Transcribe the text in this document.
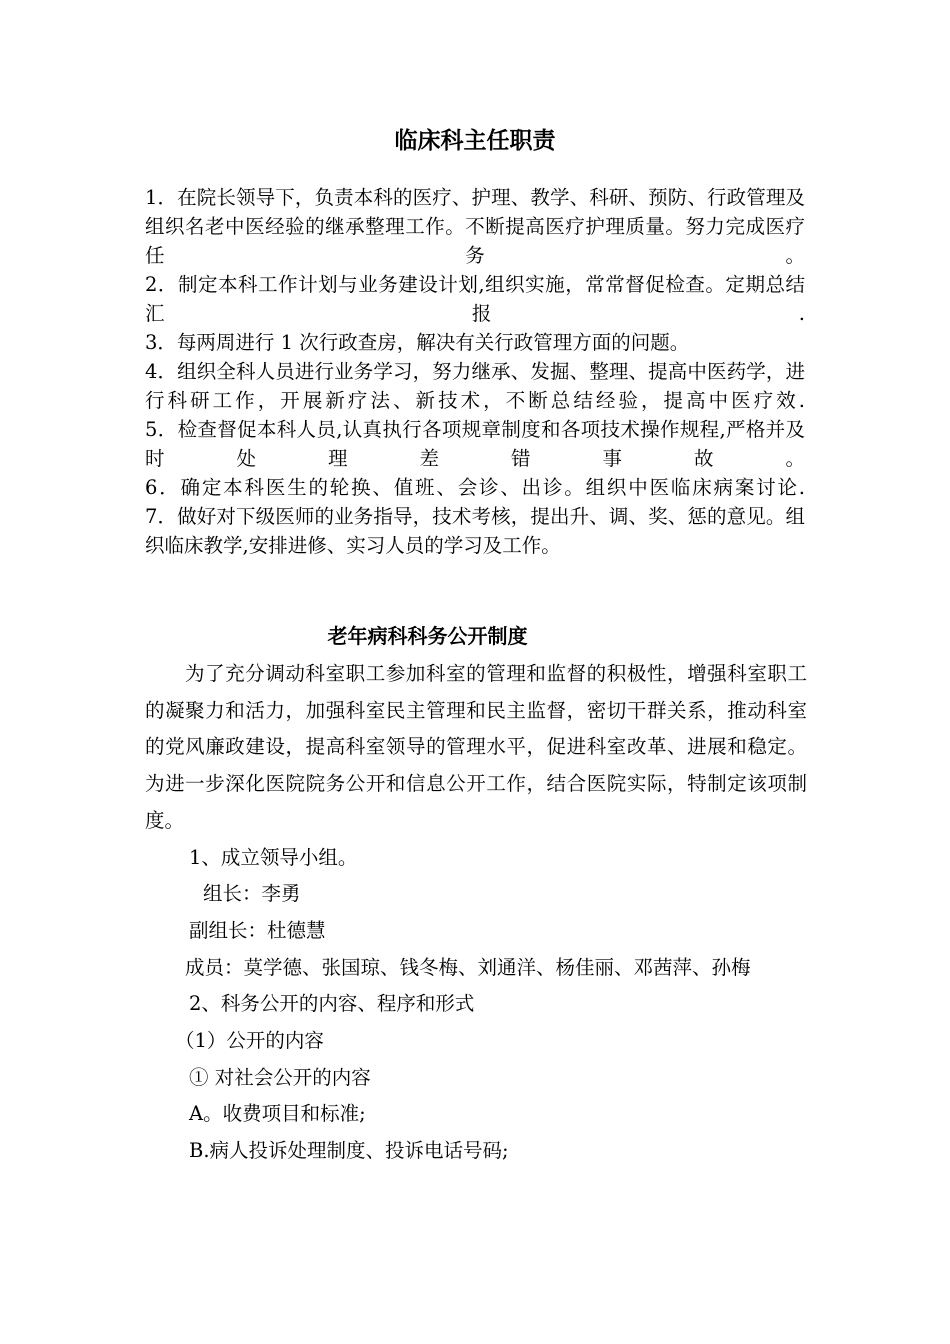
临床科主任职责

1．在院长领导下，负责本科的医疗、护理、教学、科研、预防、行政管理及组织名老中医经验的继承整理工作。不断提高医疗护理质量。努力完成医疗任务。

2．制定本科工作计划与业务建设计划,组织实施，常常督促检查。定期总结汇报.

3．每两周进行 1 次行政查房，解决有关行政管理方面的问题。

4．组织全科人员进行业务学习，努力继承、发掘、整理、提高中医药学，进行科研工作，开展新疗法、新技术，不断总结经验，提高中医疗效.

5．检查督促本科人员,认真执行各项规章制度和各项技术操作规程,严格并及时处理差错事故。

6．确定本科医生的轮换、值班、会诊、出诊。组织中医临床病案讨论.

7．做好对下级医师的业务指导，技术考核，提出升、调、奖、惩的意见。组织临床教学,安排进修、实习人员的学习及工作。

老年病科科务公开制度

为了充分调动科室职工参加科室的管理和监督的积极性，增强科室职工的凝聚力和活力，加强科室民主管理和民主监督，密切干群关系，推动科室的党风廉政建设，提高科室领导的管理水平，促进科室改革、进展和稳定。为进一步深化医院院务公开和信息公开工作，结合医院实际，特制定该项制度。

1、成立领导小组。

组长：李勇

副组长：杜德慧

成员：莫学德、张国琼、钱冬梅、刘通洋、杨佳丽、邓茜萍、孙梅

2、科务公开的内容、程序和形式

（1）公开的内容

① 对社会公开的内容

A。收费项目和标准;

B.病人投诉处理制度、投诉电话号码;
